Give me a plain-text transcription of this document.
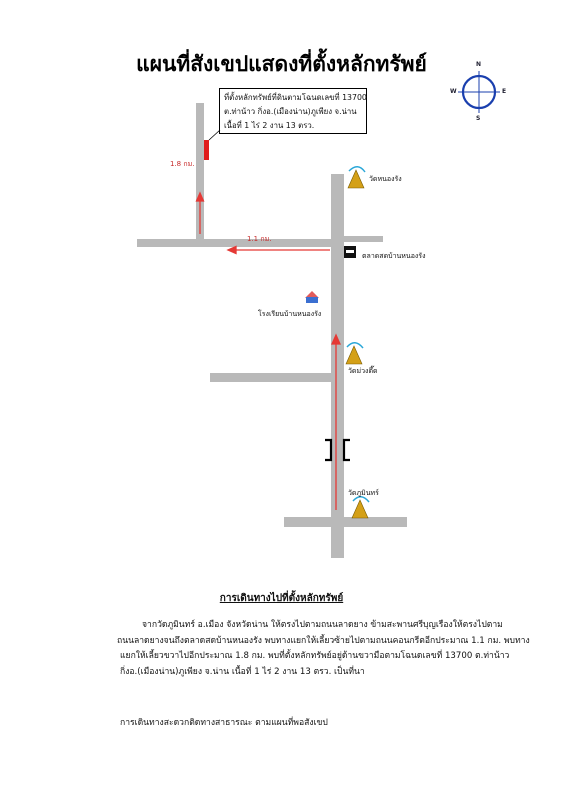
แผนที่สังเขปแสดงที่ตั้งหลักทรัพย์	N
S
E
W
ที่ตั้งหลักทรัพย์ที่ดินตามโฉนดเลขที่ 13700
ต.ท่าน้าว กิ่งอ.(เมืองน่าน)ภูเพียง จ.น่าน
เนื้อที่ 1 ไร่ 2 งาน 13 ตรว.
1.8 กม.
1.1 กม.
วัดหนองรัง
ตลาดสดบ้านหนองรัง
โรงเรียนบ้านหนองรัง
วัดม่วงตึ๊ด
วัดภูมินทร์
การเดินทางไปที่ตั้งหลักทรัพย์
จากวัดภูมินทร์ อ.เมือง จังหวัดน่าน ให้ตรงไปตามถนนลาดยาง ข้ามสะพานศรีบุญเรืองให้ตรงไปตาม
ถนนลาดยางจนถึงตลาดสดบ้านหนองรัง พบทางแยกให้เลี้ยวซ้ายไปตามถนนคอนกรีตอีกประมาณ 1.1 กม. พบทาง
แยกให้เลี้ยวขวาไปอีกประมาณ 1.8 กม. พบที่ตั้งหลักทรัพย์อยู่ด้านขวามือตามโฉนดเลขที่ 13700 ต.ท่าน้าว
กิ่งอ.(เมืองน่าน)ภูเพียง จ.น่าน เนื้อที่ 1 ไร่ 2 งาน 13 ตรว. เป็นที่นา
การเดินทางสะดวกติดทางสาธารณะ ตามแผนที่พอสังเขป
